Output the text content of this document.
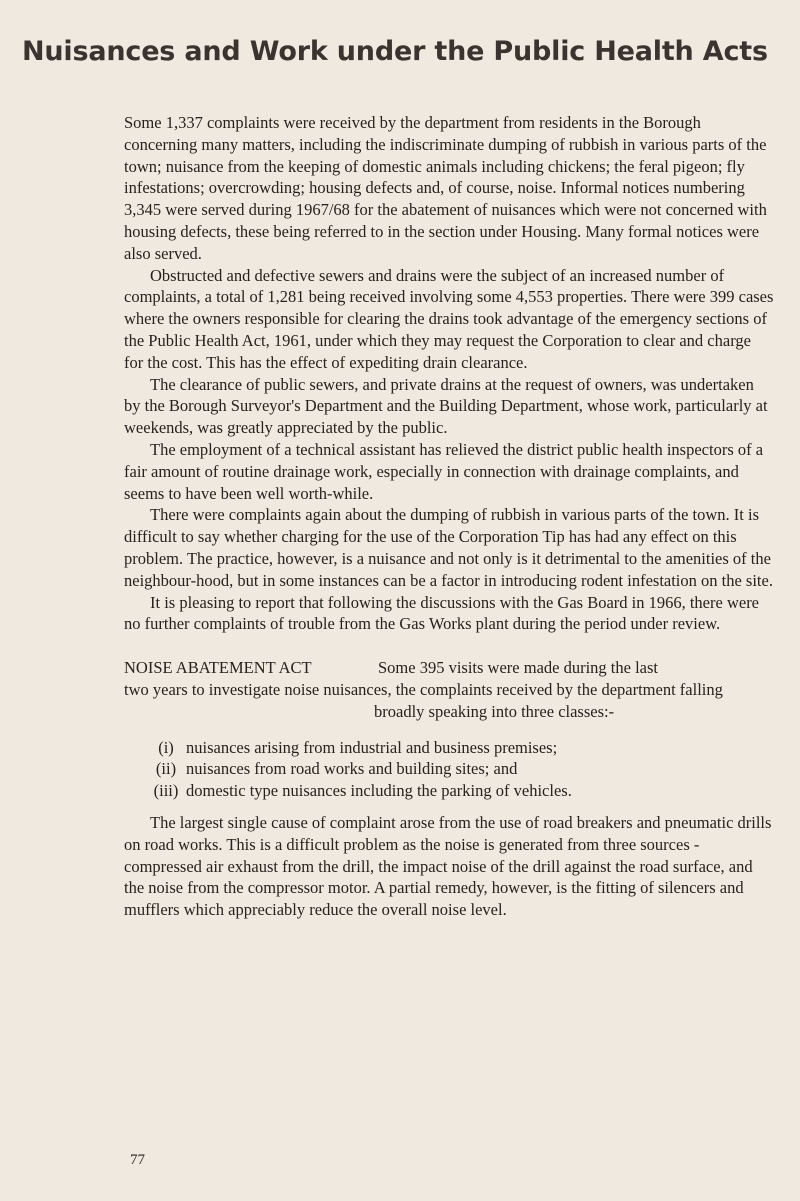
Nuisances and Work under the Public Health Acts

Some 1,337 complaints were received by the department from residents in the Borough concerning many matters, including the indiscriminate dumping of rubbish in various parts of the town; nuisance from the keeping of domestic animals including chickens; the feral pigeon; fly infestations; overcrowding; housing defects and, of course, noise. Informal notices numbering 3,345 were served during 1967/68 for the abatement of nuisances which were not concerned with housing defects, these being referred to in the section under Housing. Many formal notices were also served.

Obstructed and defective sewers and drains were the subject of an increased number of complaints, a total of 1,281 being received involving some 4,553 properties. There were 399 cases where the owners responsible for clearing the drains took advantage of the emergency sections of the Public Health Act, 1961, under which they may request the Corporation to clear and charge for the cost. This has the effect of expediting drain clearance.

The clearance of public sewers, and private drains at the request of owners, was undertaken by the Borough Surveyor's Department and the Building Department, whose work, particularly at weekends, was greatly appreciated by the public.

The employment of a technical assistant has relieved the district public health inspectors of a fair amount of routine drainage work, especially in connection with drainage complaints, and seems to have been well worth-while.

There were complaints again about the dumping of rubbish in various parts of the town. It is difficult to say whether charging for the use of the Corporation Tip has had any effect on this problem. The practice, however, is a nuisance and not only is it detrimental to the amenities of the neighbour-hood, but in some instances can be a factor in introducing rodent infestation on the site.

It is pleasing to report that following the discussions with the Gas Board in 1966, there were no further complaints of trouble from the Gas Works plant during the period under review.

NOISE ABATEMENT ACT	Some 395 visits were made during the last

two years to investigate noise nuisances, the complaints received by the department falling broadly speaking into three classes:-

(i) nuisances arising from industrial and business premises;
(ii) nuisances from road works and building sites; and
(iii) domestic type nuisances including the parking of vehicles.

The largest single cause of complaint arose from the use of road breakers and pneumatic drills on road works. This is a difficult problem as the noise is generated from three sources - compressed air exhaust from the drill, the impact noise of the drill against the road surface, and the noise from the compressor motor. A partial remedy, however, is the fitting of silencers and mufflers which appreciably reduce the overall noise level.

77
